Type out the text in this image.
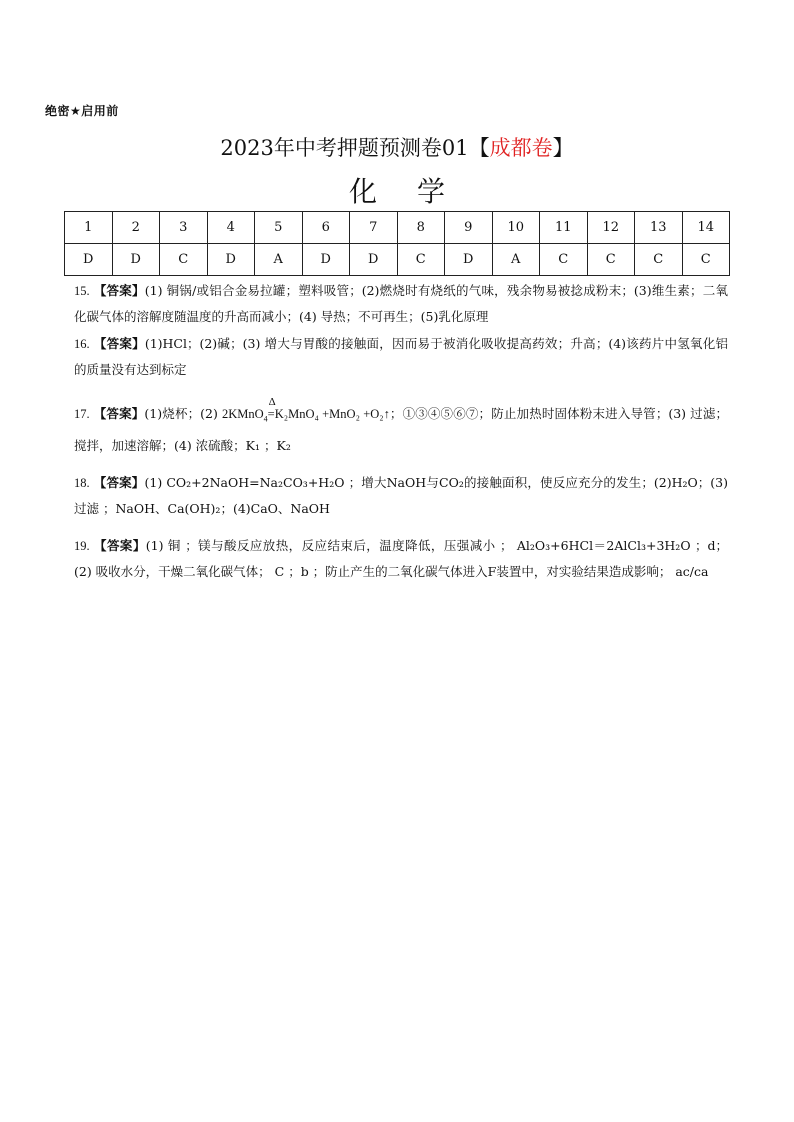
绝密★启用前
2023年中考押题预测卷01【成都卷】
化学
1	2	3	4	5	6	7	8	9	10	11	12	13	14
D	D	C	D	A	D	D	C	D	A	C	C	C	C

15. 【答案】(1) 铜锅/或铝合金易拉罐；塑料吸管；(2)燃烧时有烧纸的气味，残余物易被捻成粉末；(3)维生素；二氧化碳气体的溶解度随温度的升高而减小；(4) 导热；不可再生；(5)乳化原理

16. 【答案】(1)HCl；(2)碱；(3) 增大与胃酸的接触面，因而易于被消化吸收提高药效；升高；(4)该药片中氢氧化铝的质量没有达到标定

17. 【答案】(1)烧杯；(2) 2KMnO$_4$
Δ
=K₂MnO₄ +MnO₂ +O₂↑；①③④⑤⑥⑦；防止加热时固体粉末进入导管；(3) 过滤；搅拌，加速溶解；(4) 浓硫酸；K₁ ；K₂

18. 【答案】(1) CO₂+2NaOH=Na₂CO₃+H₂O ；增大NaOH与CO₂的接触面积，使反应充分的发生；(2)H₂O；(3) 过滤 ；NaOH、Ca(OH)₂；(4)CaO、NaOH

19. 【答案】(1) 铜 ；镁与酸反应放热，反应结束后，温度降低，压强减小 ； Al₂O₃+6HCl＝2AlCl₃+3H₂O ；d；(2) 吸收水分，干燥二氧化碳气体； C ；b ；防止产生的二氧化碳气体进入F装置中，对实验结果造成影响； ac/ca
